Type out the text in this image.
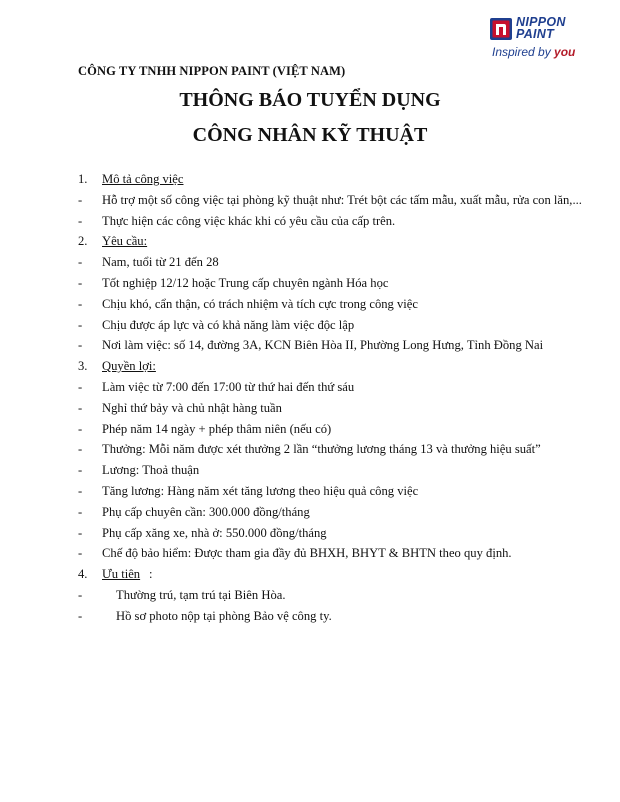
NIPPON
PAINT
Inspired by you
CÔNG TY TNHH NIPPON PAINT (VIỆT NAM)
THÔNG BÁO TUYỂN DỤNG
CÔNG NHÂN KỸ THUẬT
1. Mô tả công việc
- Hỗ trợ một số công việc tại phòng kỹ thuật như: Trét bột các tấm mẫu, xuất mẫu, rửa con lăn,...
- Thực hiện các công việc khác khi có yêu cầu của cấp trên.
2. Yêu cầu:
- Nam, tuổi từ 21 đến 28
- Tốt nghiệp 12/12 hoặc Trung cấp chuyên ngành Hóa học
- Chịu khó, cẩn thận, có trách nhiệm và tích cực trong công việc
- Chịu được áp lực và có khả năng làm việc độc lập
- Nơi làm việc: số 14, đường 3A, KCN Biên Hòa II, Phường Long Hưng, Tỉnh Đồng Nai
3. Quyền lợi:
- Làm việc từ 7:00 đến 17:00 từ thứ hai đến thứ sáu
- Nghỉ thứ bảy và chủ nhật hàng tuần
- Phép năm 14 ngày + phép thâm niên (nếu có)
- Thưởng: Mỗi năm được xét thưởng 2 lần “thưởng lương tháng 13 và thưởng hiệu suất”
- Lương: Thoả thuận
- Tăng lương: Hàng năm xét tăng lương theo hiệu quả công việc
- Phụ cấp chuyên cần: 300.000 đồng/tháng
- Phụ cấp xăng xe, nhà ở: 550.000 đồng/tháng
- Chế độ bảo hiểm: Được tham gia đầy đủ BHXH, BHYT & BHTN theo quy định.
4. Ưu tiên :
-	Thường trú, tạm trú tại Biên Hòa.
-	Hồ sơ photo nộp tại phòng Bảo vệ công ty.
